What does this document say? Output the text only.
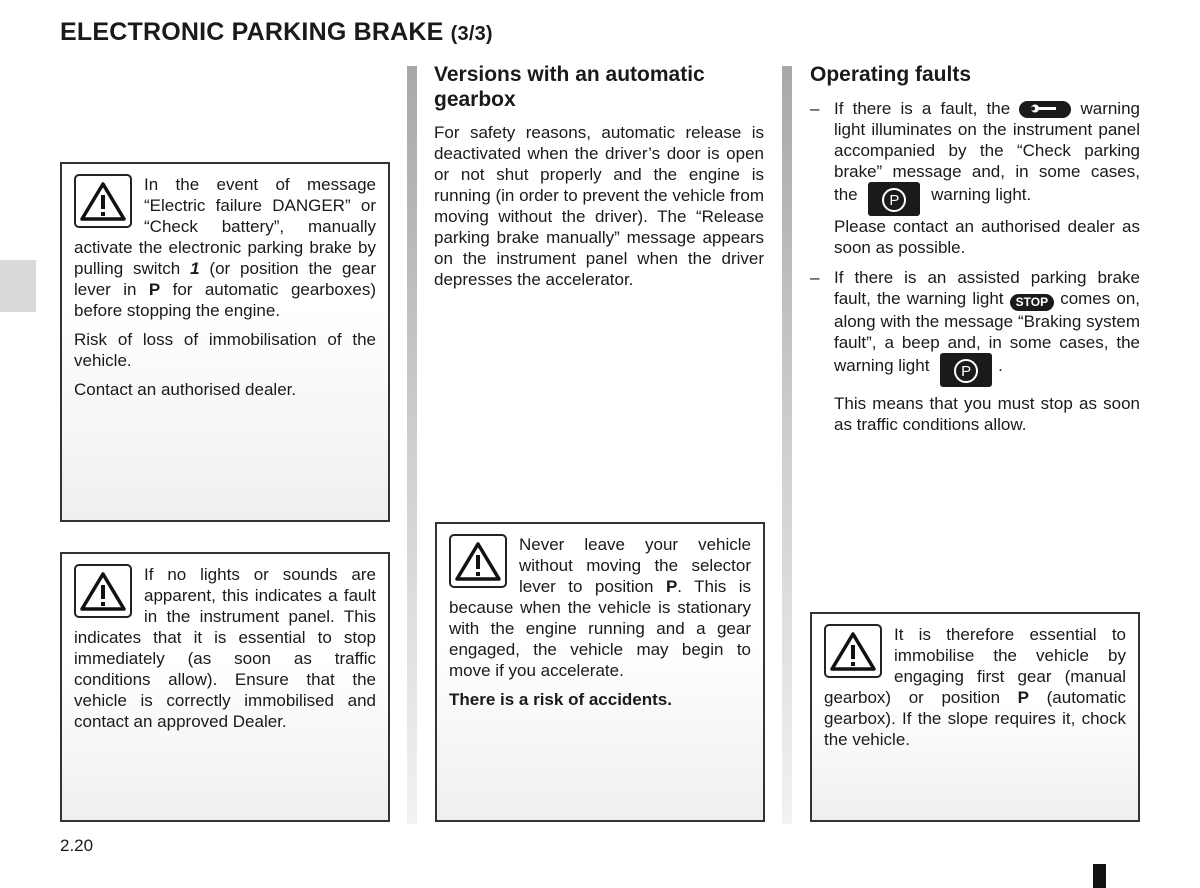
ELECTRONIC PARKING BRAKE (3/3)

In the event of message “Electric failure DANGER” or “Check battery”, manually activate the electronic parking brake by pulling switch 1 (or position the gear lever in P for automatic gearboxes) before stopping the engine.

Risk of loss of immobilisation of the vehicle.

Contact an authorised dealer.

If no lights or sounds are apparent, this indicates a fault in the instrument panel. This indicates that it is essential to stop immediately (as soon as traffic conditions allow). Ensure that the vehicle is correctly immobilised and contact an approved Dealer.
Versions with an automatic gearbox
For safety reasons, automatic release is deactivated when the driver’s door is open or not shut properly and the engine is running (in order to prevent the vehicle from moving without the driver). The “Release parking brake manually” message appears on the instrument panel when the driver depresses the accelerator.

Never leave your vehicle without moving the selector lever to position P. This is because when the vehicle is stationary with the engine running and a gear engaged, the vehicle may begin to move if you accelerate.

There is a risk of accidents.

Operating faults
– If there is a fault, the	warning light illuminates on the instrument panel accompanied by the “Check parking brake” message and, in some cases, the P warning light.
Please contact an authorised dealer as soon as possible.
– If there is an assisted parking brake fault, the warning light STOP comes on, along with the message “Braking system fault”, a beep and, in some cases, the warning light P .
This means that you must stop as soon as traffic conditions allow.

It is therefore essential to immobilise the vehicle by engaging first gear (manual gearbox) or position P (automatic gearbox). If the slope requires it, chock the vehicle.

2.20
